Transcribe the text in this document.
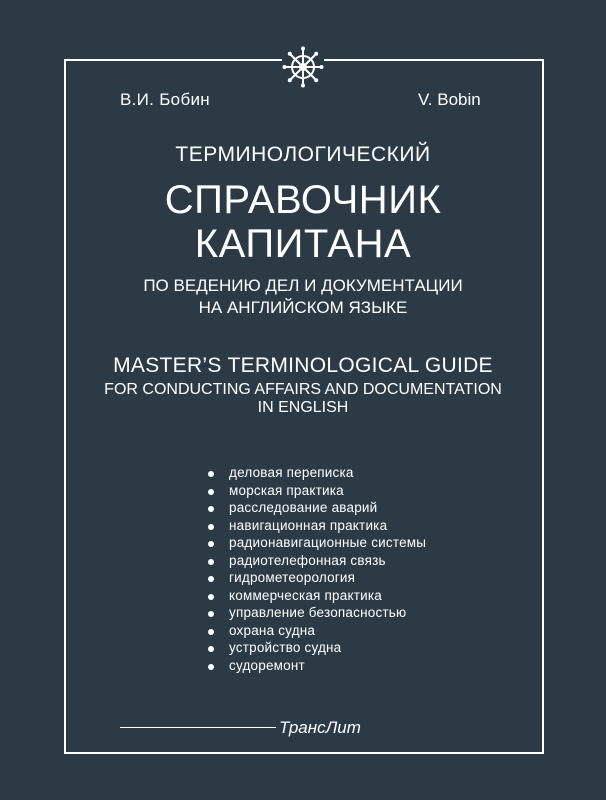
В.И. Бобин	V. Bobin
ТЕРМИНОЛОГИЧЕСКИЙ
СПРАВОЧНИК
КАПИТАНА
ПО ВЕДЕНИЮ ДЕЛ И ДОКУМЕНТАЦИИ
НА АНГЛИЙСКОМ ЯЗЫКЕ
MASTER’S TERMINOLOGICAL GUIDE
FOR CONDUCTING AFFAIRS AND DOCUMENTATION
IN ENGLISH
деловая переписка
морская практика
расследование аварий
навигационная практика
радионавигационные системы
радиотелефонная связь
гидрометеорология
коммерческая практика
управление безопасностью
охрана судна
устройство судна
судоремонт
ТрансЛит
